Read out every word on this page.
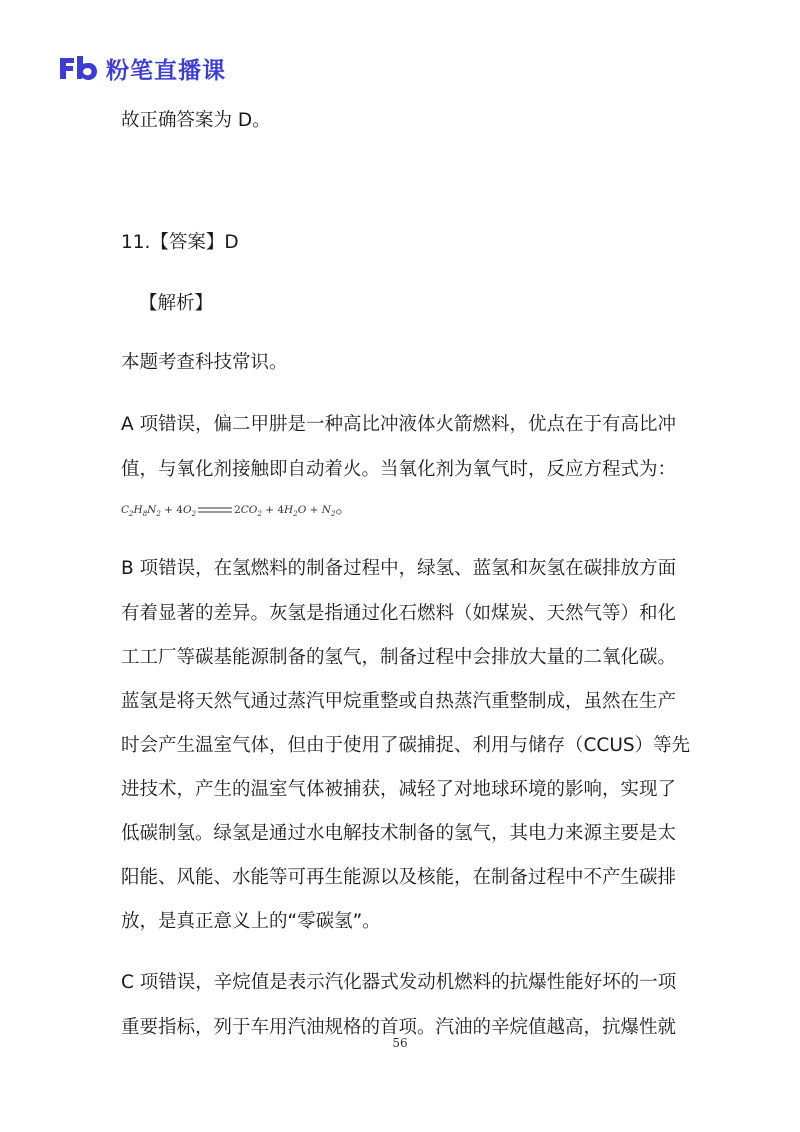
粉笔直播课
故正确答案为 D。
11.【答案】D
【解析】
本题考查科技常识。
A 项错误，偏二甲肼是一种高比冲液体火箭燃料，优点在于有高比冲
值，与氧化剂接触即自动着火。当氧化剂为氧气时，反应方程式为：
$C_2H_8N_2 + 4O_2$	$2CO_2 + 4H_2O + N_2$。
B 项错误，在氢燃料的制备过程中，绿氢、蓝氢和灰氢在碳排放方面
有着显著的差异。灰氢是指通过化石燃料（如煤炭、天然气等）和化
工工厂等碳基能源制备的氢气，制备过程中会排放大量的二氧化碳。
蓝氢是将天然气通过蒸汽甲烷重整或自热蒸汽重整制成，虽然在生产
时会产生温室气体，但由于使用了碳捕捉、利用与储存（CCUS）等先
进技术，产生的温室气体被捕获，减轻了对地球环境的影响，实现了
低碳制氢。绿氢是通过水电解技术制备的氢气，其电力来源主要是太
阳能、风能、水能等可再生能源以及核能，在制备过程中不产生碳排
放，是真正意义上的“零碳氢”。
C 项错误，辛烷值是表示汽化器式发动机燃料的抗爆性能好坏的一项
重要指标，列于车用汽油规格的首项。汽油的辛烷值越高，抗爆性就
56
